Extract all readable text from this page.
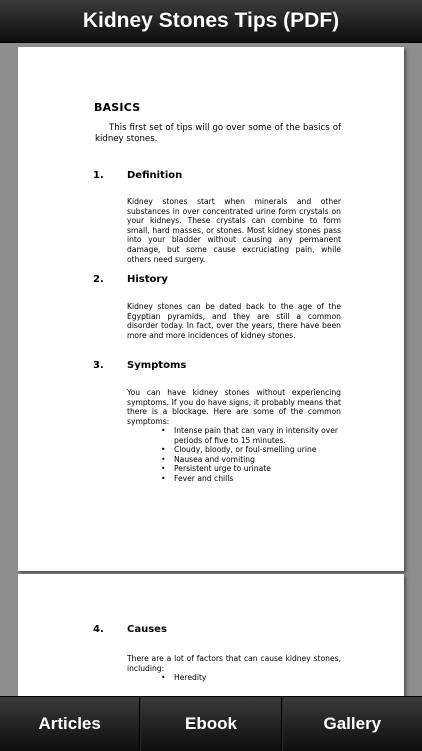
Kidney Stones Tips (PDF)
BASICS
This first set of tips will go over some of the basics of kidney stones.
1. Definition
Kidney stones start when minerals and other substances in over concentrated urine form crystals on your kidneys. These crystals can combine to form small, hard masses, or stones. Most kidney stones pass into your bladder without causing any permanent damage, but some cause excruciating pain, while others need surgery.
2. History
Kidney stones can be dated back to the age of the Egyptian pyramids, and they are still a common disorder today. In fact, over the years, there have been more and more incidences of kidney stones.
3. Symptoms
You can have kidney stones without experiencing symptoms. If you do have signs, it probably means that there is a blockage. Here are some of the common symptoms:
• Intense pain that can vary in intensity over periods of five to 15 minutes.
• Cloudy, bloody, or foul-smelling urine
• Nausea and vomiting
• Persistent urge to urinate
• Fever and chills
4. Causes
There are a lot of factors that can cause kidney stones, including:
• Heredity
Articles	Ebook	Gallery
